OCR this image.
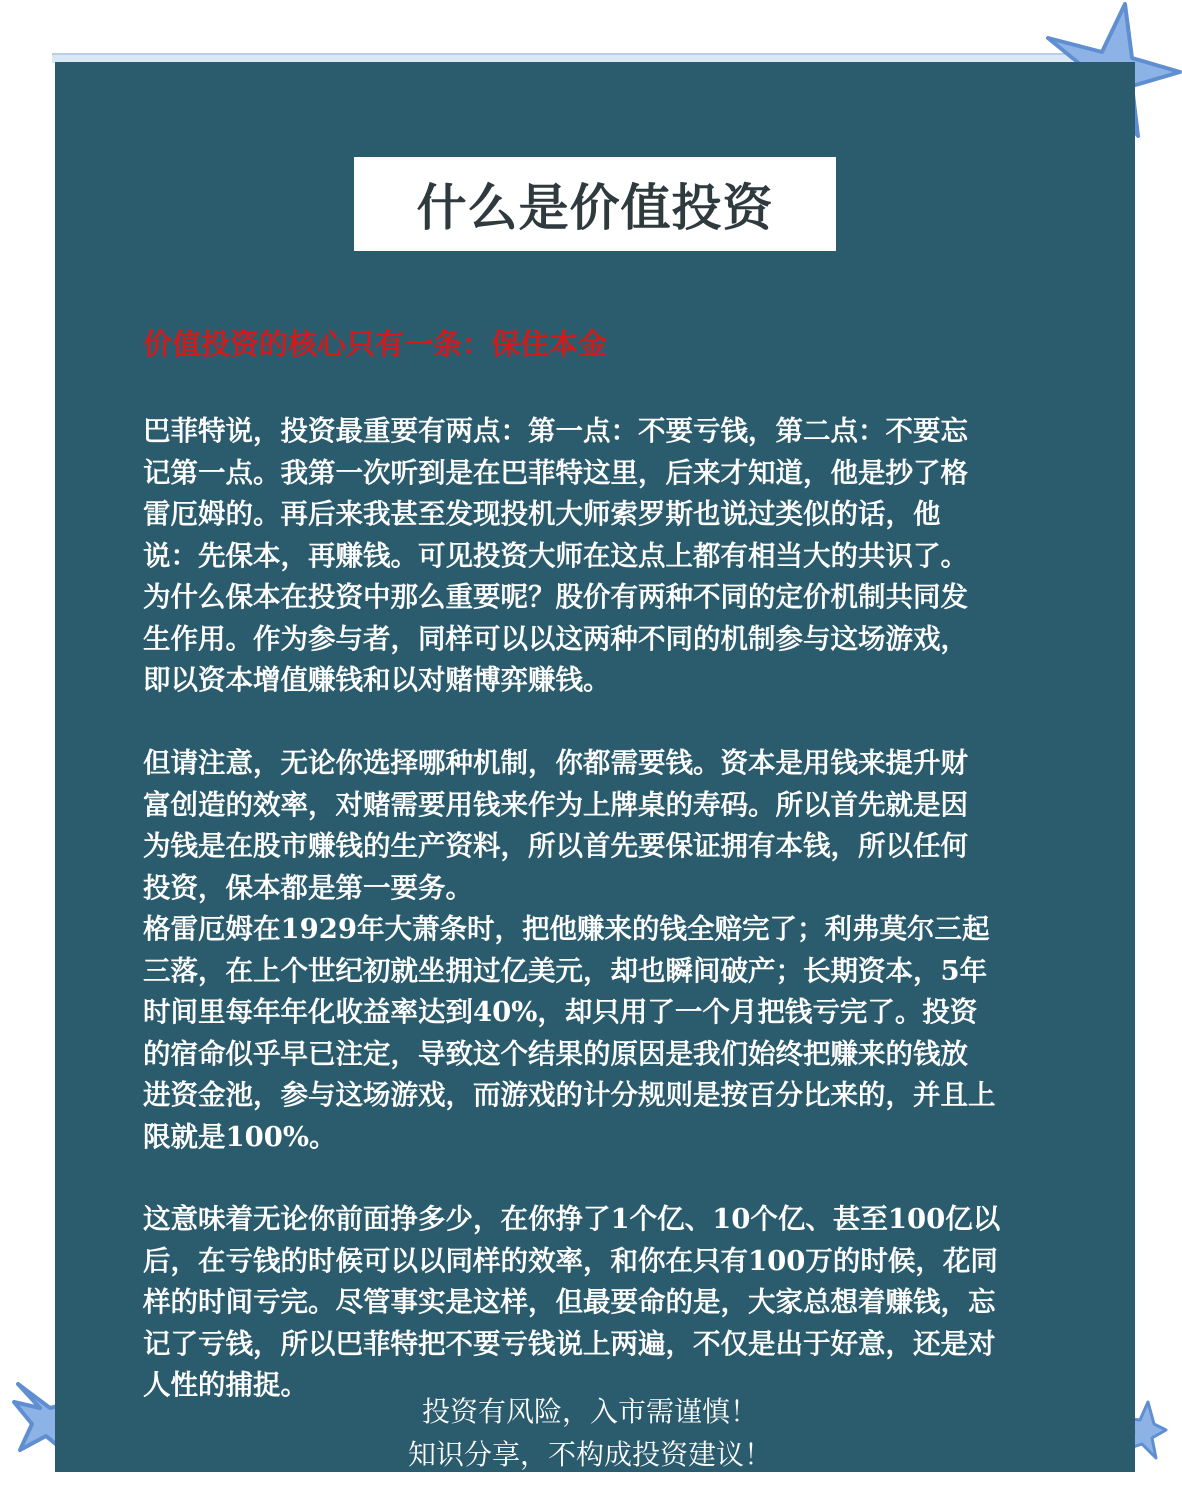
什么是价值投资
价值投资的核心只有一条：保住本金
巴菲特说，投资最重要有两点：第一点：不要亏钱，第二点：不要忘
记第一点。我第一次听到是在巴菲特这里，后来才知道，他是抄了格
雷厄姆的。再后来我甚至发现投机大师索罗斯也说过类似的话，他
说：先保本，再赚钱。可见投资大师在这点上都有相当大的共识了。
为什么保本在投资中那么重要呢？股价有两种不同的定价机制共同发
生作用。作为参与者，同样可以以这两种不同的机制参与这场游戏，
即以资本增值赚钱和以对赌博弈赚钱。
但请注意，无论你选择哪种机制，你都需要钱。资本是用钱来提升财
富创造的效率，对赌需要用钱来作为上牌桌的寿码。所以首先就是因
为钱是在股市赚钱的生产资料，所以首先要保证拥有本钱，所以任何
投资，保本都是第一要务。
格雷厄姆在1929年大萧条时，把他赚来的钱全赔完了；利弗莫尔三起
三落，在上个世纪初就坐拥过亿美元，却也瞬间破产；长期资本，5年
时间里每年年化收益率达到40%，却只用了一个月把钱亏完了。投资
的宿命似乎早已注定，导致这个结果的原因是我们始终把赚来的钱放
进资金池，参与这场游戏，而游戏的计分规则是按百分比来的，并且上
限就是100%。
这意味着无论你前面挣多少，在你挣了1个亿、10个亿、甚至100亿以
后，在亏钱的时候可以以同样的效率，和你在只有100万的时候，花同
样的时间亏完。尽管事实是这样，但最要命的是，大家总想着赚钱，忘
记了亏钱，所以巴菲特把不要亏钱说上两遍，不仅是出于好意，还是对
人性的捕捉。
投资有风险，入市需谨慎！
知识分享，不构成投资建议！
